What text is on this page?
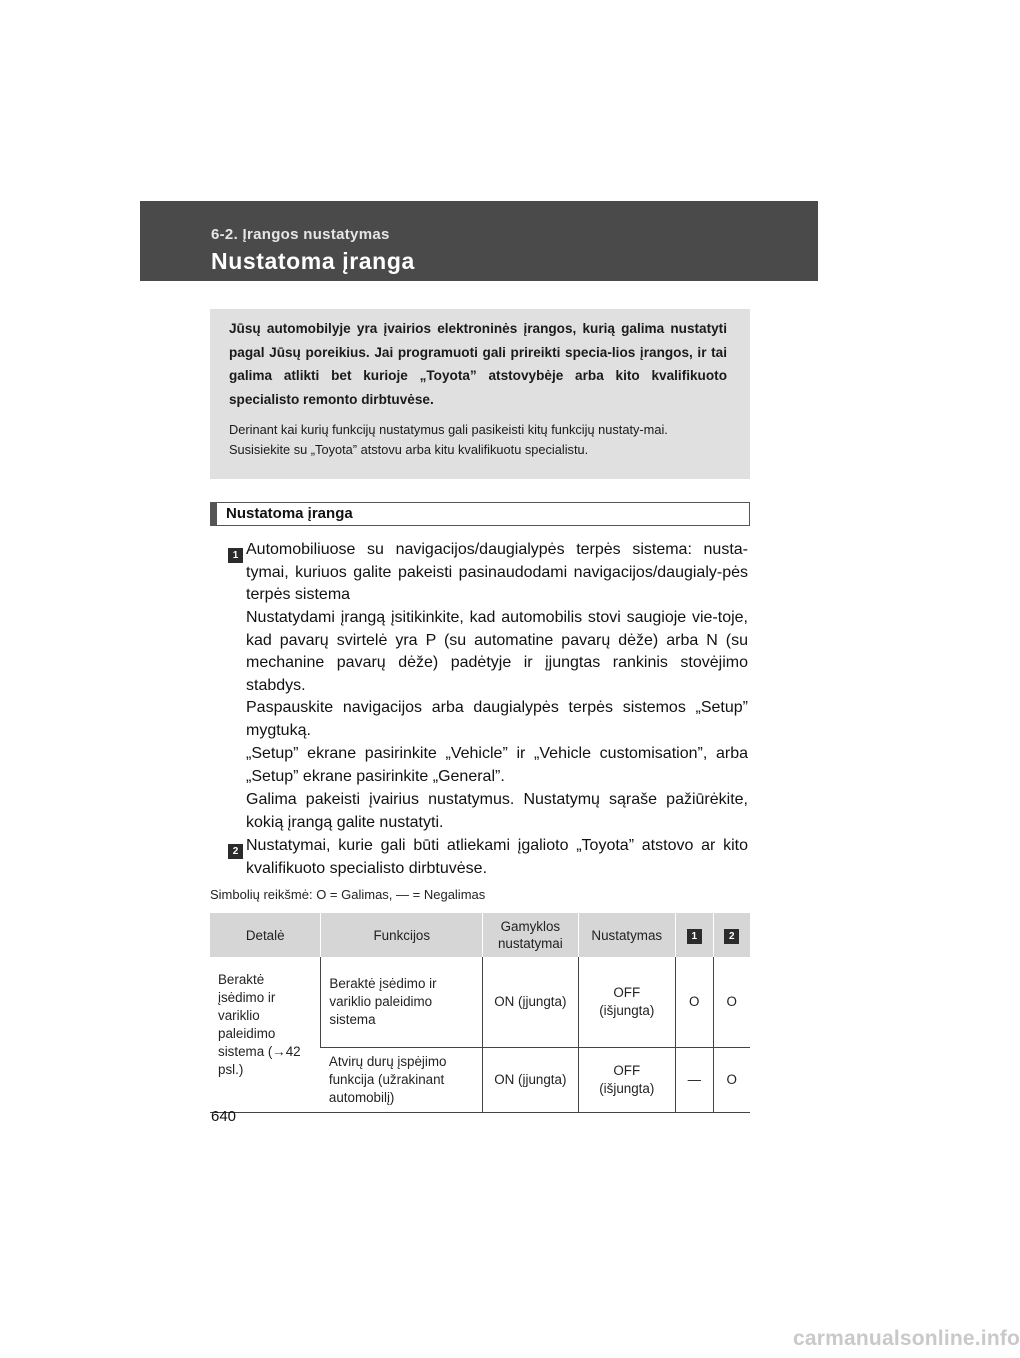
6-2. Įrangos nustatymas
Nustatoma įranga
Jūsų automobilyje yra įvairios elektroninės įrangos, kurią galima nustatyti pagal Jūsų poreikius. Jai programuoti gali prireikti specia-lios įrangos, ir tai galima atlikti bet kurioje „Toyota” atstovybėje arba kito kvalifikuoto specialisto remonto dirbtuvėse.
Derinant kai kurių funkcijų nustatymus gali pasikeisti kitų funkcijų nustaty-mai. Susisiekite su „Toyota” atstovu arba kitu kvalifikuotu specialistu.
Nustatoma įranga
1 Automobiliuose su navigacijos/daugialypės terpės sistema: nusta-tymai, kuriuos galite pakeisti pasinaudodami navigacijos/daugialy-pės terpės sistema
Nustatydami įrangą įsitikinkite, kad automobilis stovi saugioje vie-toje, kad pavarų svirtelė yra P (su automatine pavarų dėže) arba N (su mechanine pavarų dėže) padėtyje ir įjungtas rankinis stovėjimo stabdys.
Paspauskite navigacijos arba daugialypės terpės sistemos „Setup” mygtuką.
„Setup” ekrane pasirinkite „Vehicle” ir „Vehicle customisation”, arba „Setup” ekrane pasirinkite „General”.
Galima pakeisti įvairius nustatymus. Nustatymų sąraše pažiūrėkite, kokią įrangą galite nustatyti.
2 Nustatymai, kurie gali būti atliekami įgalioto „Toyota” atstovo ar kito kvalifikuoto specialisto dirbtuvėse.
Simbolių reikšmė: O = Galimas, — = Negalimas
Detalė	Funkcijos	Gamyklos nustatymai	Nustatymas	1	2
Beraktė įsėdimo ir variklio paleidimo sistema (→42 psl.)	Beraktė įsėdimo ir variklio paleidimo sistema	ON (įjungta)	OFF (išjungta)	O	O
	Atvirų durų įspėjimo funkcija (užrakinant automobilį)	ON (įjungta)	OFF (išjungta)	—	O
640
carmanualsonline.info
